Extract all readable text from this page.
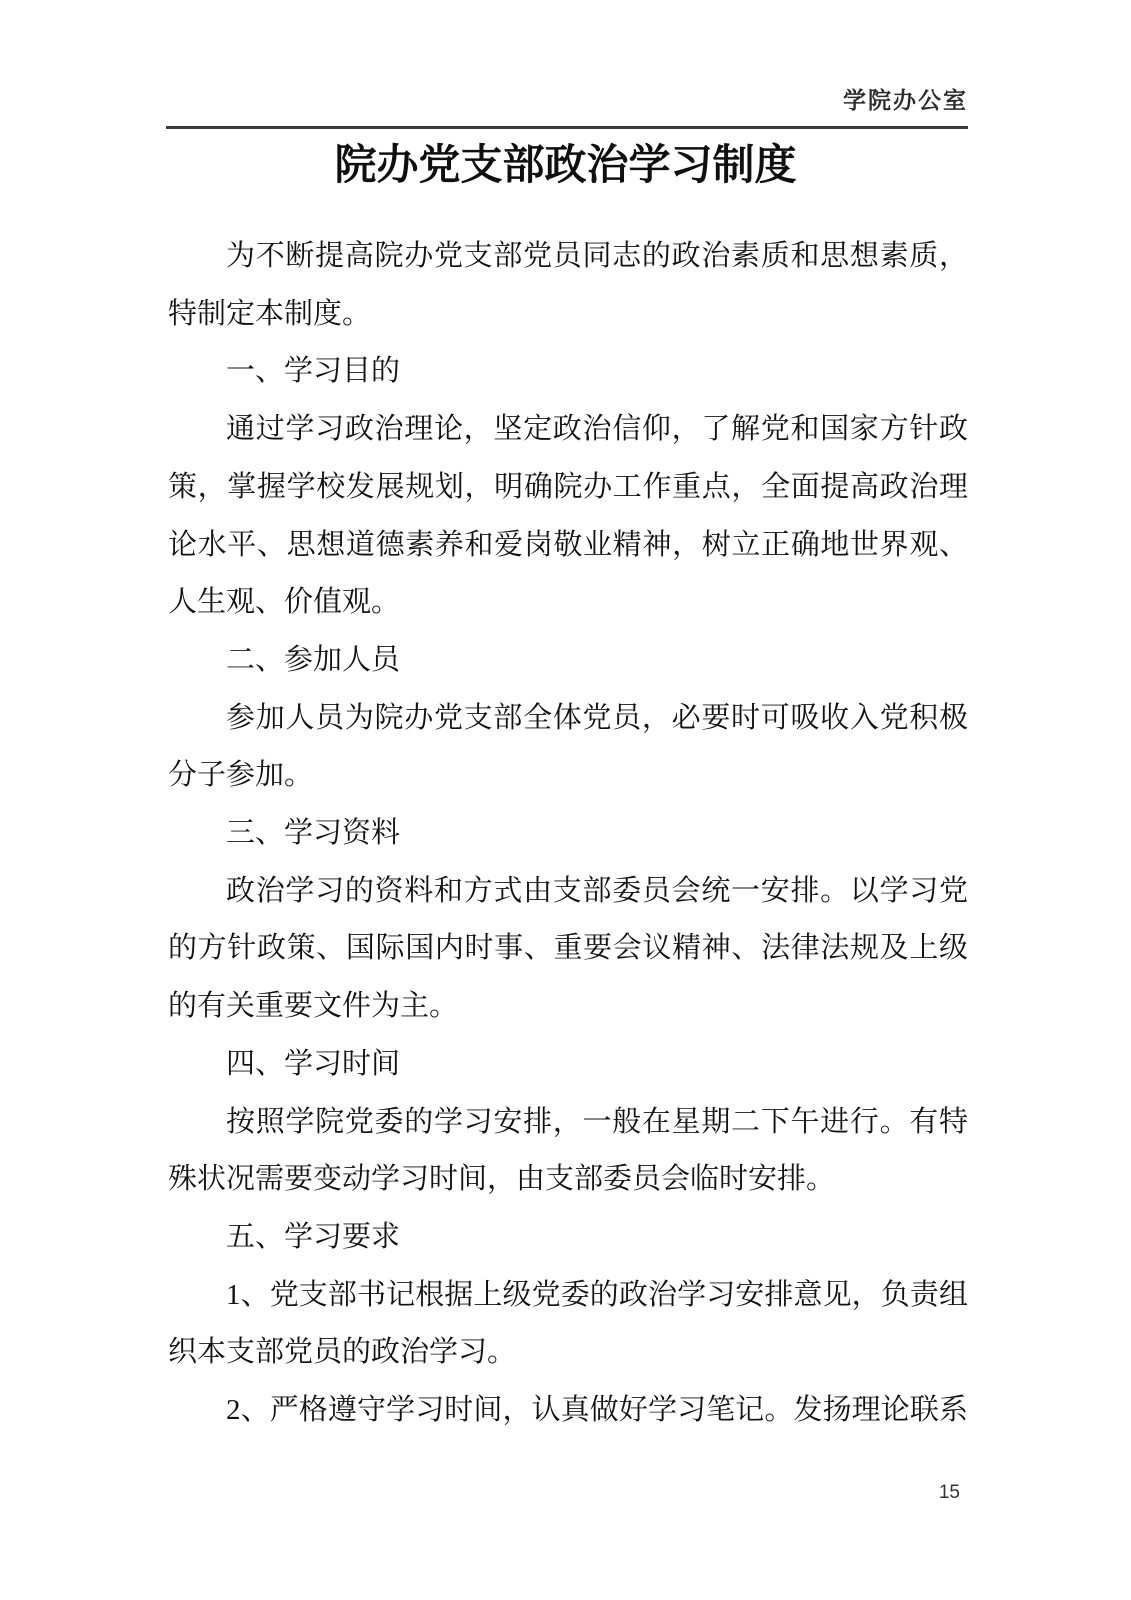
学院办公室
院办党支部政治学习制度

为不断提高院办党支部党员同志的政治素质和思想素质，特制定本制度。

一、学习目的

通过学习政治理论，坚定政治信仰，了解党和国家方针政策，掌握学校发展规划，明确院办工作重点，全面提高政治理论水平、思想道德素养和爱岗敬业精神，树立正确地世界观、人生观、价值观。

二、参加人员

参加人员为院办党支部全体党员，必要时可吸收入党积极分子参加。

三、学习资料

政治学习的资料和方式由支部委员会统一安排。以学习党的方针政策、国际国内时事、重要会议精神、法律法规及上级的有关重要文件为主。

四、学习时间

按照学院党委的学习安排，一般在星期二下午进行。有特殊状况需要变动学习时间，由支部委员会临时安排。

五、学习要求

1、党支部书记根据上级党委的政治学习安排意见，负责组织本支部党员的政治学习。

2、严格遵守学习时间，认真做好学习笔记。发扬理论联系

15
